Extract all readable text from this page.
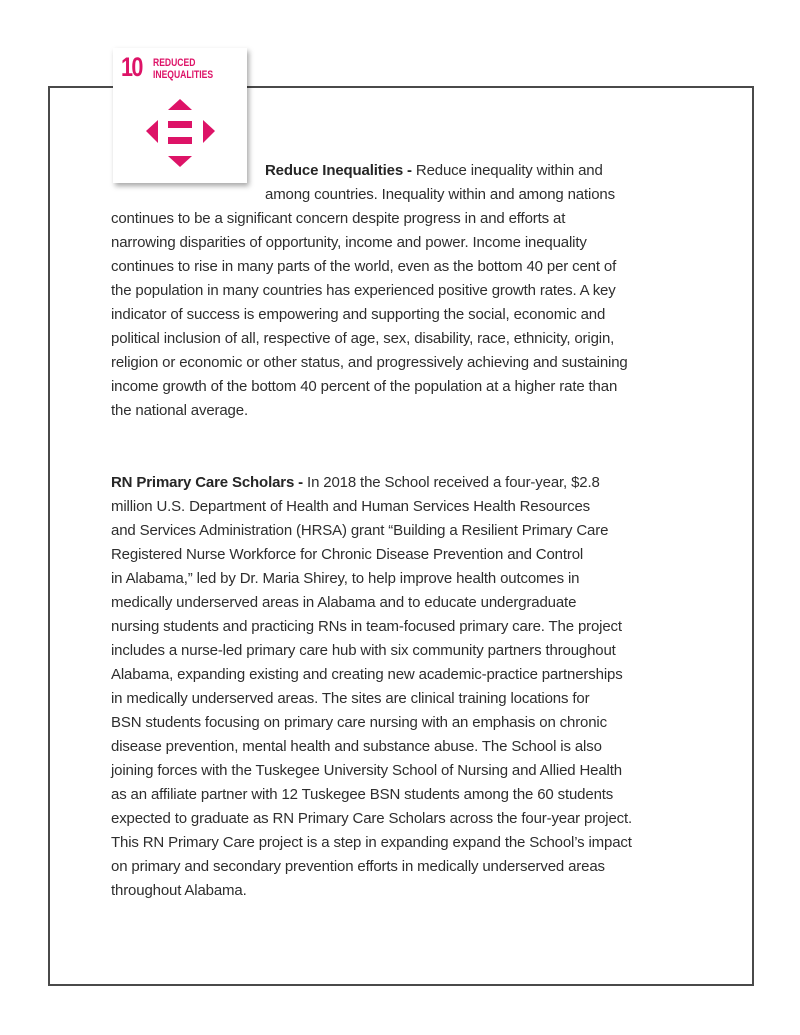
10 REDUCED
INEQUALITIES

Reduce Inequalities - Reduce inequality within and
among countries. Inequality within and among nations
continues to be a significant concern despite progress in and efforts at
narrowing disparities of opportunity, income and power. Income inequality
continues to rise in many parts of the world, even as the bottom 40 per cent of
the population in many countries has experienced positive growth rates. A key
indicator of success is empowering and supporting the social, economic and
political inclusion of all, respective of age, sex, disability, race, ethnicity, origin,
religion or economic or other status, and progressively achieving and sustaining
income growth of the bottom 40 percent of the population at a higher rate than
the national average.

RN Primary Care Scholars - In 2018 the School received a four-year, $2.8
million U.S. Department of Health and Human Services Health Resources
and Services Administration (HRSA) grant “Building a Resilient Primary Care
Registered Nurse Workforce for Chronic Disease Prevention and Control
in Alabama,” led by Dr. Maria Shirey, to help improve health outcomes in
medically underserved areas in Alabama and to educate undergraduate
nursing students and practicing RNs in team-focused primary care. The project
includes a nurse-led primary care hub with six community partners throughout
Alabama, expanding existing and creating new academic-practice partnerships
in medically underserved areas. The sites are clinical training locations for
BSN students focusing on primary care nursing with an emphasis on chronic
disease prevention, mental health and substance abuse. The School is also
joining forces with the Tuskegee University School of Nursing and Allied Health
as an affiliate partner with 12 Tuskegee BSN students among the 60 students
expected to graduate as RN Primary Care Scholars across the four-year project.
This RN Primary Care project is a step in expanding expand the School’s impact
on primary and secondary prevention efforts in medically underserved areas
throughout Alabama.
